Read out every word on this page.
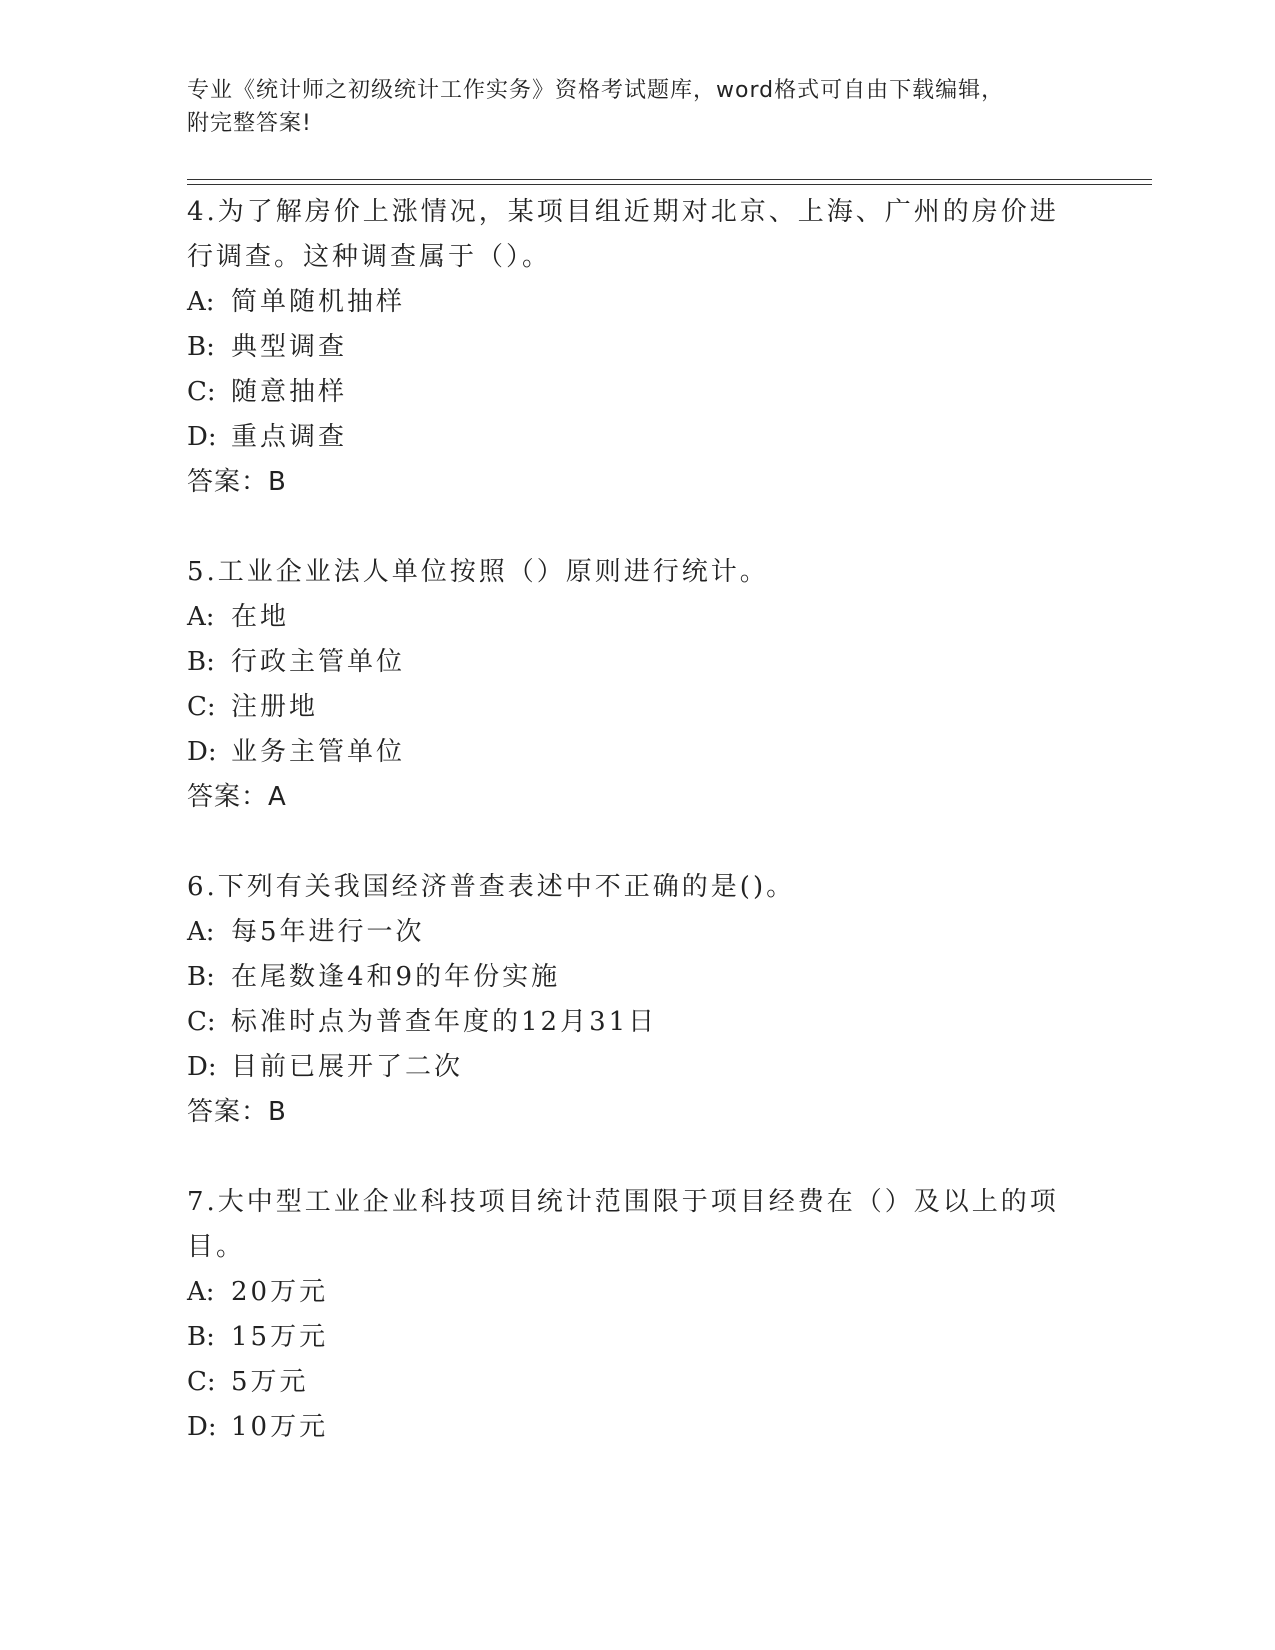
专业《统计师之初级统计工作实务》资格考试题库，word格式可自由下载编辑，
附完整答案!

4.为了解房价上涨情况，某项目组近期对北京、上海、广州的房价进

行调查。这种调查属于（）。

A: 简单随机抽样

B: 典型调查

C: 随意抽样

D: 重点调查

答案：B

5.工业企业法人单位按照（）原则进行统计。

A: 在地

B: 行政主管单位

C: 注册地

D: 业务主管单位

答案：A

6.下列有关我国经济普查表述中不正确的是()。

A: 每5年进行一次

B: 在尾数逢4和9的年份实施

C: 标准时点为普查年度的12月31日

D: 目前已展开了二次

答案：B

7.大中型工业企业科技项目统计范围限于项目经费在（）及以上的项

目。

A: 20万元

B: 15万元

C: 5万元

D: 10万元
